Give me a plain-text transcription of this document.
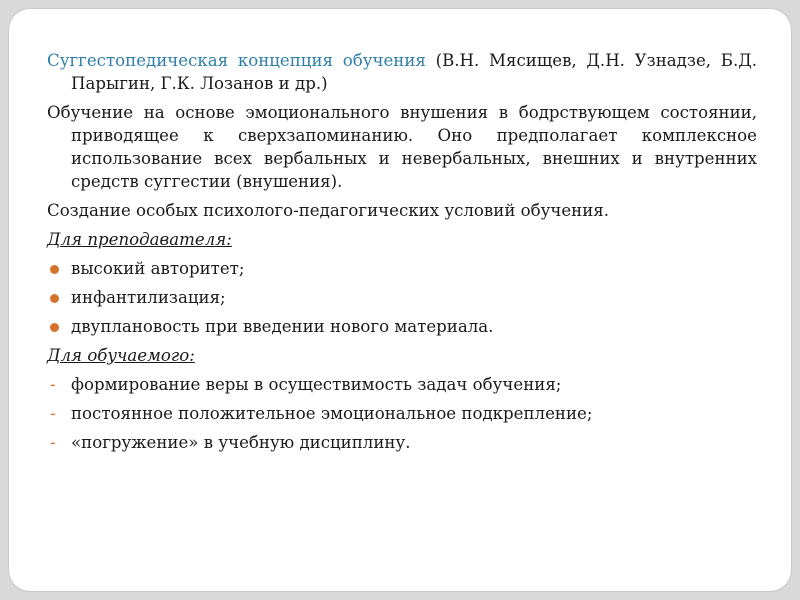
Суггестопедическая концепция обучения (В.Н. Мясищев, Д.Н. Узнадзе, Б.Д. Парыгин, Г.К. Лозанов и др.)

Обучение на основе эмоционального внушения в бодрствующем состоянии, приводящее к сверхзапоминанию. Оно предполагает комплексное использование всех вербальных и невербальных, внешних и внутренних средств суггестии (внушения).

Создание особых психолого-педагогических условий обучения.

Для преподавателя:
высокий авторитет;
инфантилизация;
двуплановость при введении нового материала.
Для обучаемого:
- формирование веры в осуществимость задач обучения;
- постоянное положительное эмоциональное подкрепление;
- «погружение» в учебную дисциплину.
